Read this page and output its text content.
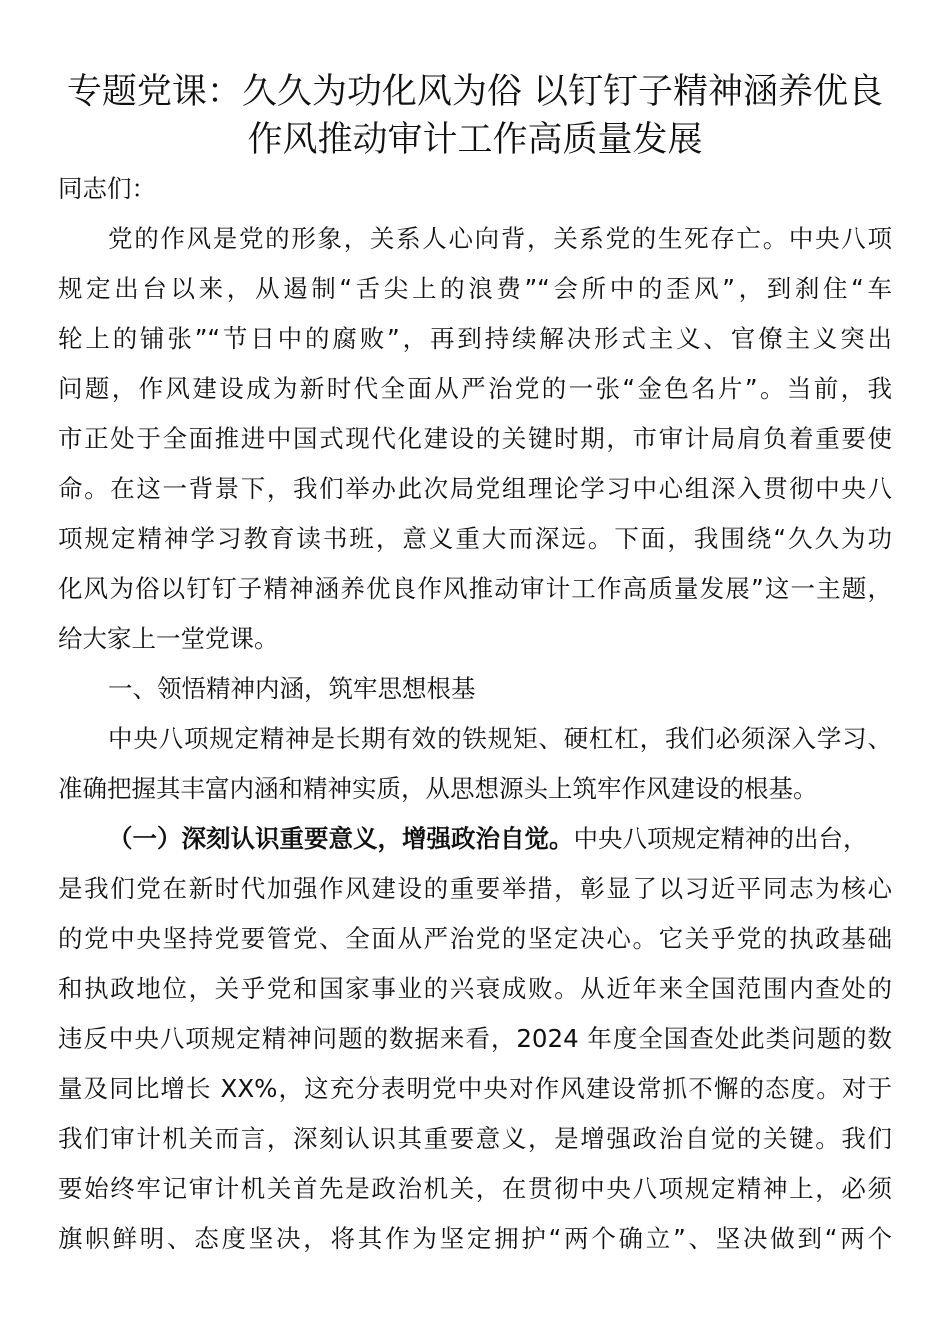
专题党课：久久为功化风为俗 以钉钉子精神涵养优良
作风推动审计工作高质量发展
同志们：
党的作风是党的形象，关系人心向背，关系党的生死存亡。中央八项
规定出台以来，从遏制“舌尖上的浪费”“会所中的歪风”，到刹住“车
轮上的铺张”“节日中的腐败”，再到持续解决形式主义、官僚主义突出
问题，作风建设成为新时代全面从严治党的一张“金色名片”。当前，我
市正处于全面推进中国式现代化建设的关键时期，市审计局肩负着重要使
命。在这一背景下，我们举办此次局党组理论学习中心组深入贯彻中央八
项规定精神学习教育读书班，意义重大而深远。下面，我围绕“久久为功
化风为俗以钉钉子精神涵养优良作风推动审计工作高质量发展”这一主题，
给大家上一堂党课。
一、领悟精神内涵，筑牢思想根基
中央八项规定精神是长期有效的铁规矩、硬杠杠，我们必须深入学习、
准确把握其丰富内涵和精神实质，从思想源头上筑牢作风建设的根基。
（一）深刻认识重要意义，增强政治自觉。中央八项规定精神的出台，
是我们党在新时代加强作风建设的重要举措，彰显了以习近平同志为核心
的党中央坚持党要管党、全面从严治党的坚定决心。它关乎党的执政基础
和执政地位，关乎党和国家事业的兴衰成败。从近年来全国范围内查处的
违反中央八项规定精神问题的数据来看，2024 年度全国查处此类问题的数
量及同比增长 XX%，这充分表明党中央对作风建设常抓不懈的态度。对于
我们审计机关而言，深刻认识其重要意义，是增强政治自觉的关键。我们
要始终牢记审计机关首先是政治机关，在贯彻中央八项规定精神上，必须
旗帜鲜明、态度坚决，将其作为坚定拥护“两个确立”、坚决做到“两个
